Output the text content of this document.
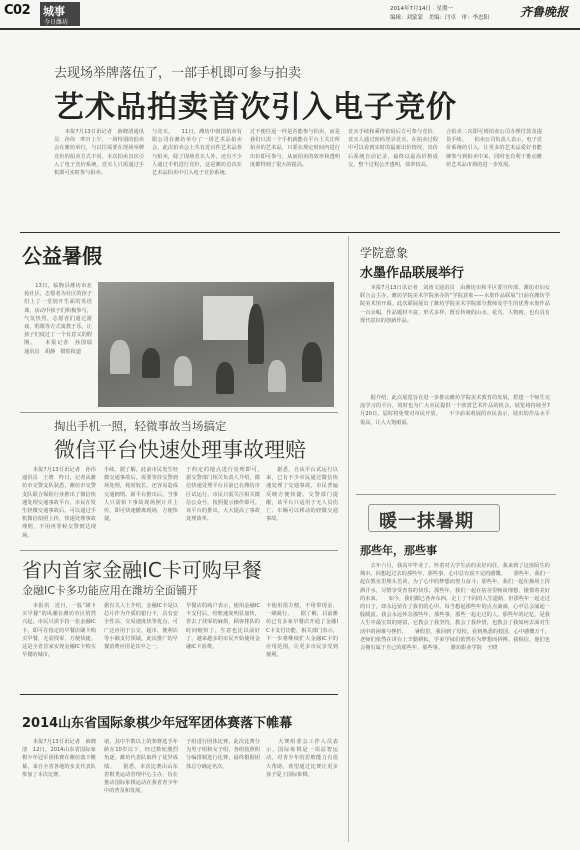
C02 城事
今日潍坊
2014年7月14日　星期一
编辑：刘蒙蒙　美编：闫卓　审：李忠阳	齐鲁晚报
去现场举牌落伍了，一部手机即可参与拍卖
艺术品拍卖首次引入电子竞价
　　本报7月13日讯记者　薛晓清通讯员　孙伟　昨日上午，一场特别的拍卖会在潍坊举行，与以往需要在现场举牌竞价的拍卖方式不同，本次拍卖首次引入了电子竞价系统，竞买人只需通过手机即可实时参与拍卖。
与竞买。　　11日，潍坊中润国拍卖有限公司在潍坊举办了一场艺术品拍卖会，此次拍卖会上共有近百件艺术品参与拍卖，除了现场竞买人外，还有不少人通过手机进行竞价，这是潍坊首次在艺术品拍卖中引入电子竞价系统。
过不便往返一样是否能参与拍卖，而是我们只需一个手机就能在平台上关注所拍卖的艺术品，只要在规定时间内进行出价即可参与，从而拍卖的效率和透明度都得到了很大的提高。
竞买手续和乘得密码后方可参与竞价，竞买人通过密码登录竞买，在拍卖过程中可以看到实时的最新出价情况，出价后系统自动记录，最终以最高价格成交，整个过程公开透明，效率较高。
合拍卖二次即可到拍卖公司办理付款及提货手续。　　拍卖公司负责人表示，电子竞价系统的引入，让更多的艺术品爱好者能够参与到拍卖中来，同时也有利于推动潍坊艺术品市场的进一步发展。
公益暑假
　　13日，临朐县潍坊市北苑社区，志愿者为社区的孩子们上了一堂别开生面的英语课，活动中孩子们积极参与，气氛热烈，志愿者们通过游戏、唱歌等方式寓教于乐，让孩子们度过了一个有意义的假期。　　本报记者　孙国瑞　通讯员　胡静　摄影报道
掏出手机一照，轻微事故当场搞定
微信平台快速处理事故理赔
　　本报7月13日讯记者　孙伟　通讯员　王增　昨日，记者从潍坊市交警支队获悉，潍坊市交警支队联合保险行业推出了微信快速处理交通事故平台，市民在发生轻微交通事故后，可以通过手机微信拍照上传，快速处理事故理赔，不用再等候交警到达现场。
手续。据了解，此前市民发生轻微交通事故后，需要等待交警到场处理，耗时较长，还容易造成交通拥堵。新平台推出后，当事人只需拍下事故现场照片并上传，即可快速撤离现场，方便快捷。
于约定的地点进行处理即可。　　据交警部门相关负责人介绍，微信快速处理平台目前已在潍坊市区试运行，市民只需关注相关微信公众号，按照提示操作即可。该平台的推出，大大提高了事故处理效率。
　　据悉，自该平台试运行以来，已有不少市民通过微信快速处理了交通事故，市民普遍反映方便快捷。交警部门提醒，该平台只适用于无人员伤亡、车辆可以移动的轻微交通事故。
省内首家金融IC卡可购早餐
金融IC卡多功能应用在潍坊全面铺开
　　本报讯　近日，一股“刷卡买早餐”的风潮在潍坊市区悄然兴起，市民只需手持一张金融IC卡，即可在指定的早餐店刷卡购买早餐，无需找零，方便快捷。这是全省首家实现金融IC卡购买早餐的城市。
据有关人士介绍，金融IC卡是以芯片作为介质的银行卡，具有安全性高、交易速度快等优点，可广泛应用于公交、超市、便利店等小额支付领域，此次推广的早餐消费应用是其中之一。
早餐店的商户表示，使用金融IC卡支付后，结账速度明显加快，省去了找零的麻烦，顾客排队的时间缩短了，生意也比以前好了，越来越多的市民开始使用金融IC卡消费。
卡使用很方便，不用带现金，一刷就行。　　据了解，目前潍坊已有多家早餐店开通了金融IC卡支付功能，相关部门表示，下一步将继续扩大金融IC卡的应用范围，让更多市民享受到便利。
2014山东省国际象棋少年冠军团体赛落下帷幕
　　本报7月13日讯记者　薛晓清　12日，2014山东省国际象棋少年冠军团体赛在潍坊落下帷幕，来自全省各地的多支代表队参加了本次比赛。
诸，其中半数以上的参赛选手年龄在10岁以下，经过数轮激烈角逐，潍坊代表队取得了优异成绩。　　据悉，本次比赛由山东省棋类运动管理中心主办，旨在推动国际象棋运动在我省青少年中的普及和发展。
子组进行团体比赛。此次比赛分为男子组和女子组，各组按照积分编排制进行比赛，最终根据团体总分确定名次。
　　大赛组委会工作人员表示，国际象棋是一项益智运动，对青少年的思维能力有很大帮助，希望通过比赛让更多孩子爱上国际象棋。
学院意象
水墨作品联展举行
　　本报7月13日讯记者　刘涛文通讯员　由潍坊市和平区委宣传部、潍坊市妇女联合会主办，潍坊学院美术学院承办的“学院意象——水墨作品联展”日前在潍坊学院美术馆开幕。此次联展展出了潍坊学院美术学院部分教师及学生的优秀水墨作品一百余幅，作品题材丰富，形式多样，既有传统的山水、花鸟、人物画，也有具有现代意识的创新作品。
　　据介绍，此次展览旨在进一步推动潍坊学院美术教育的发展，搭建一个师生交流学习的平台，同时也为广大市民提供一个欣赏艺术作品的机会。展览将持续至7月20日，届时将免费对市民开放。　　不少前来观展的市民表示，展出的作品水平很高，让人大饱眼福。
暖一抹暑期
那些年，那些事
　　去年六月，我高中毕业了，怀着对大学生活的美好向往，我来到了这座陌生的城市。回想起过去的那些年，那些事，心中总有说不完的感慨。　　那些年，我们一起在教室里埋头苦读，为了心中的梦想而努力奋斗；那些年，我们一起在操场上挥洒汗水，尽情享受青春的快乐；那些年，我们一起在宿舍里畅谈理想，憧憬着美好的未来。　　如今，我们都已各奔东西，走上了不同的人生道路，但那些年一起走过的日子，却永远留在了我们的心中。每当想起那些年的点点滴滴，心中总会涌起一股暖流。我会永远怀念那些年，那些事，那些一起走过的人。那些年的记忆，是我人生中最宝贵的财富，它教会了我坚持，教会了我珍惜，也教会了我如何去面对生活中的困难与挫折。　　暑假里，我回到了母校，看到熟悉的校园，心中感慨万千。老师们依然在讲台上辛勤耕耘，学弟学妹们依然在为梦想而拼搏。我相信，他们也会拥有属于自己的那些年，那些事。　　潍坊职业学院　王晓
